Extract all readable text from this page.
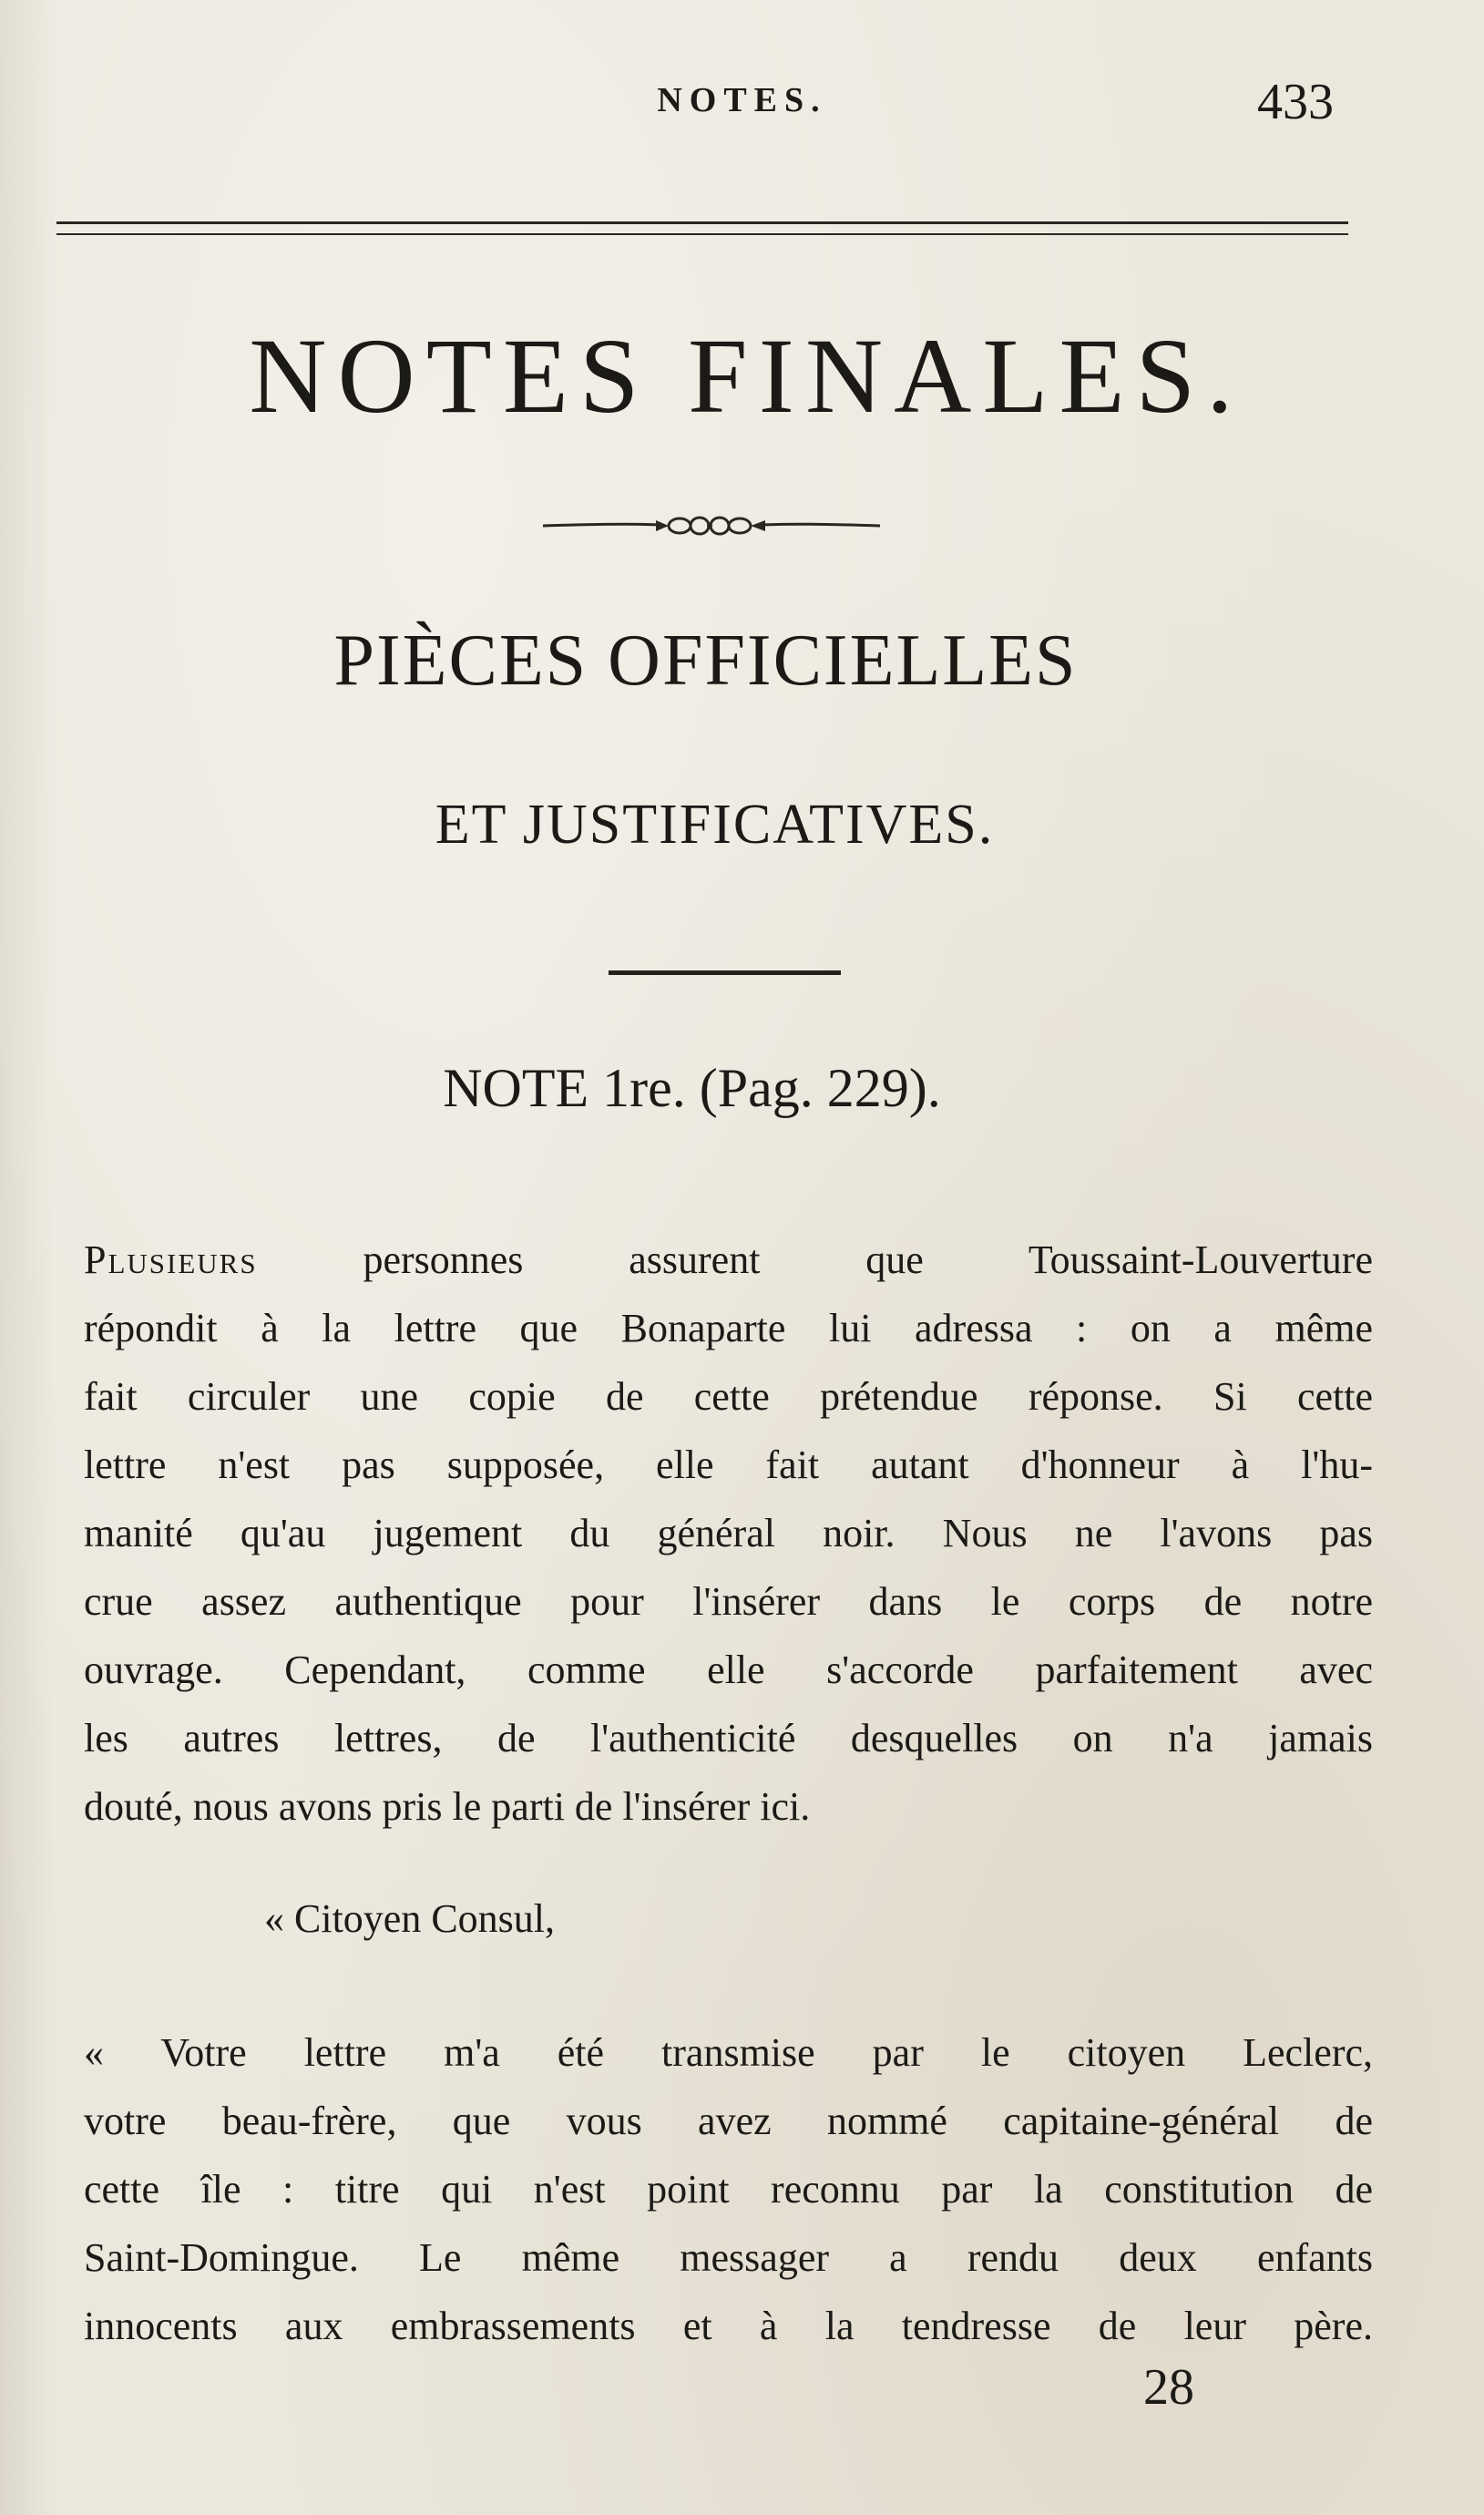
NOTES.	433
NOTES FINALES.
PIÈCES OFFICIELLES
ET JUSTIFICATIVES.
NOTE 1re. (Pag. 229).
Plusieurs personnes assurent que Toussaint-Louverture
répondit à la lettre que Bonaparte lui adressa : on a même
fait circuler une copie de cette prétendue réponse. Si cette
lettre n'est pas supposée, elle fait autant d'honneur à l'hu-
manité qu'au jugement du général noir. Nous ne l'avons pas
crue assez authentique pour l'insérer dans le corps de notre
ouvrage. Cependant, comme elle s'accorde parfaitement avec
les autres lettres, de l'authenticité desquelles on n'a jamais
douté, nous avons pris le parti de l'insérer ici.
« Citoyen Consul,
« Votre lettre m'a été transmise par le citoyen Leclerc,
votre beau-frère, que vous avez nommé capitaine-général de
cette île : titre qui n'est point reconnu par la constitution de
Saint-Domingue. Le même messager a rendu deux enfants
innocents aux embrassements et à la tendresse de leur père.
28
